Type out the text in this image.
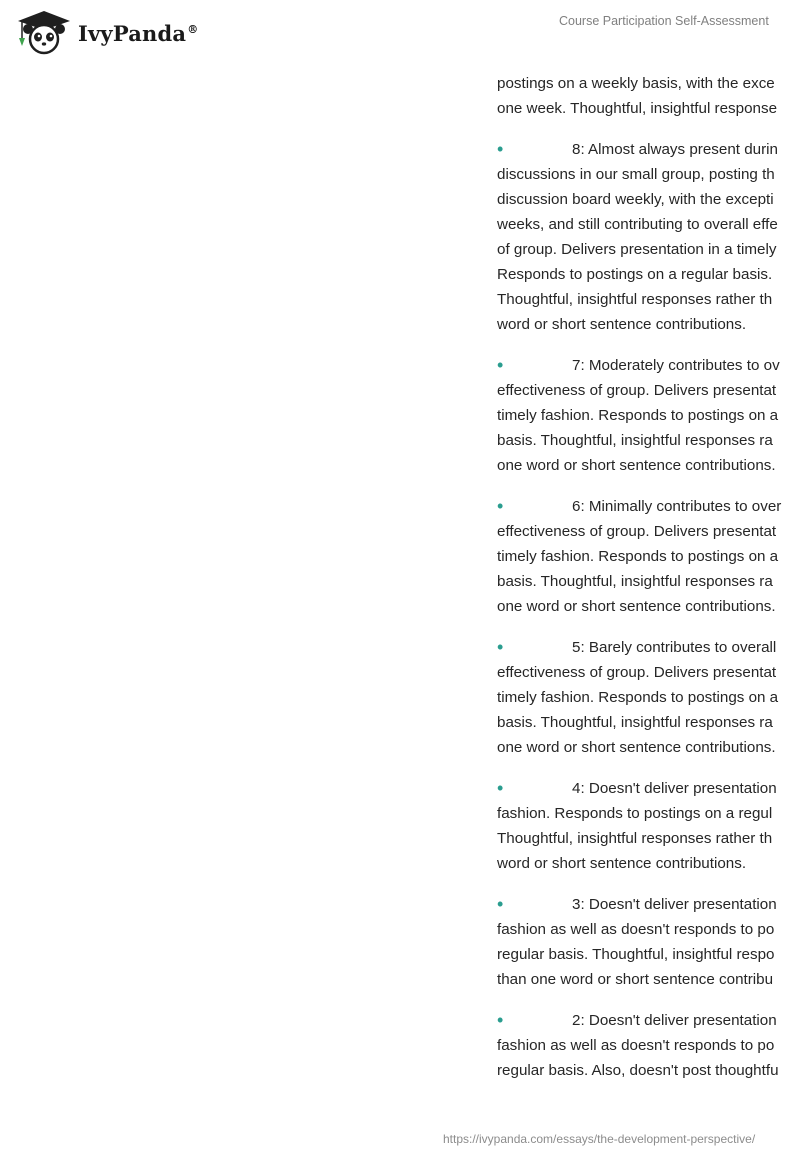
IvyPanda®
Course Participation Self-Assessment
postings on a weekly basis, with the exce
one week. Thoughtful, insightful response
•	8: Almost always present durin
discussions in our small group, posting th
discussion board weekly, with the excepti
weeks, and still contributing to overall effe
of group. Delivers presentation in a timely
Responds to postings on a regular basis.
Thoughtful, insightful responses rather th
word or short sentence contributions.
•	7: Moderately contributes to ov
effectiveness of group. Delivers presentat
timely fashion. Responds to postings on a
basis. Thoughtful, insightful responses ra
one word or short sentence contributions.
•	6: Minimally contributes to over
effectiveness of group. Delivers presentat
timely fashion. Responds to postings on a
basis. Thoughtful, insightful responses ra
one word or short sentence contributions.
•	5: Barely contributes to overall
effectiveness of group. Delivers presentat
timely fashion. Responds to postings on a
basis. Thoughtful, insightful responses ra
one word or short sentence contributions.
•	4: Doesn't deliver presentation
fashion. Responds to postings on a regul
Thoughtful, insightful responses rather th
word or short sentence contributions.
•	3: Doesn't deliver presentation
fashion as well as doesn't responds to po
regular basis. Thoughtful, insightful respo
than one word or short sentence contribu
•	2: Doesn't deliver presentation
fashion as well as doesn't responds to po
regular basis. Also, doesn't post thoughtfu
https://ivypanda.com/essays/the-development-perspective/
